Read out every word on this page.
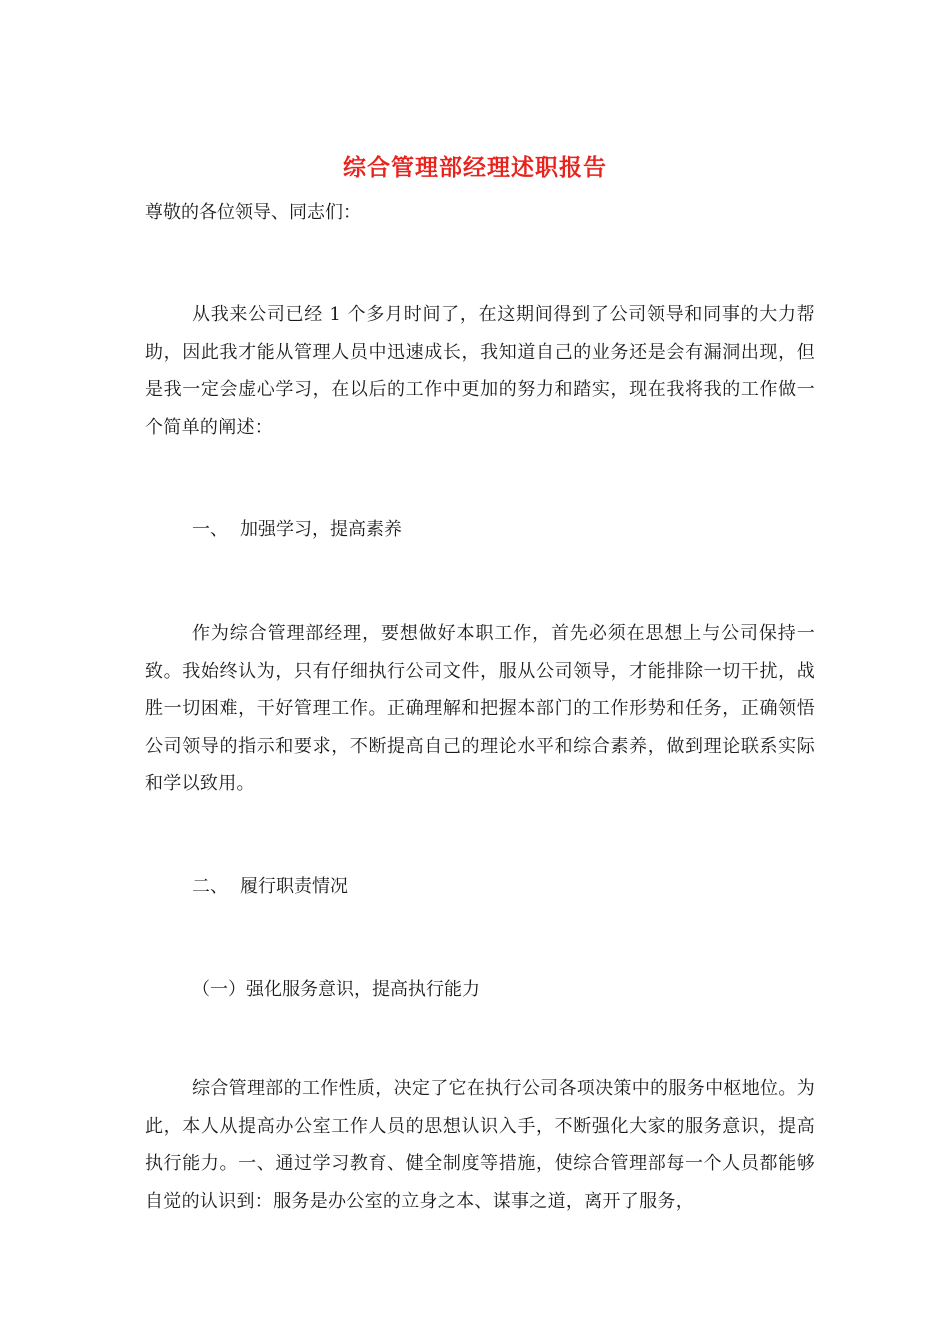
综合管理部经理述职报告
尊敬的各位领导、同志们：

从我来公司已经 1 个多月时间了，在这期间得到了公司领导和同事的大力帮助，因此我才能从管理人员中迅速成长，我知道自己的业务还是会有漏洞出现，但是我一定会虚心学习，在以后的工作中更加的努力和踏实，现在我将我的工作做一个简单的阐述：

一、 加强学习，提高素养

作为综合管理部经理，要想做好本职工作，首先必须在思想上与公司保持一致。我始终认为，只有仔细执行公司文件，服从公司领导，才能排除一切干扰，战胜一切困难，干好管理工作。正确理解和把握本部门的工作形势和任务，正确领悟公司领导的指示和要求，不断提高自己的理论水平和综合素养，做到理论联系实际和学以致用。

二、 履行职责情况
（一）强化服务意识，提高执行能力

综合管理部的工作性质，决定了它在执行公司各项决策中的服务中枢地位。为此，本人从提高办公室工作人员的思想认识入手，不断强化大家的服务意识，提高执行能力。一、通过学习教育、健全制度等措施，使综合管理部每一个人员都能够自觉的认识到：服务是办公室的立身之本、谋事之道，离开了服务，
